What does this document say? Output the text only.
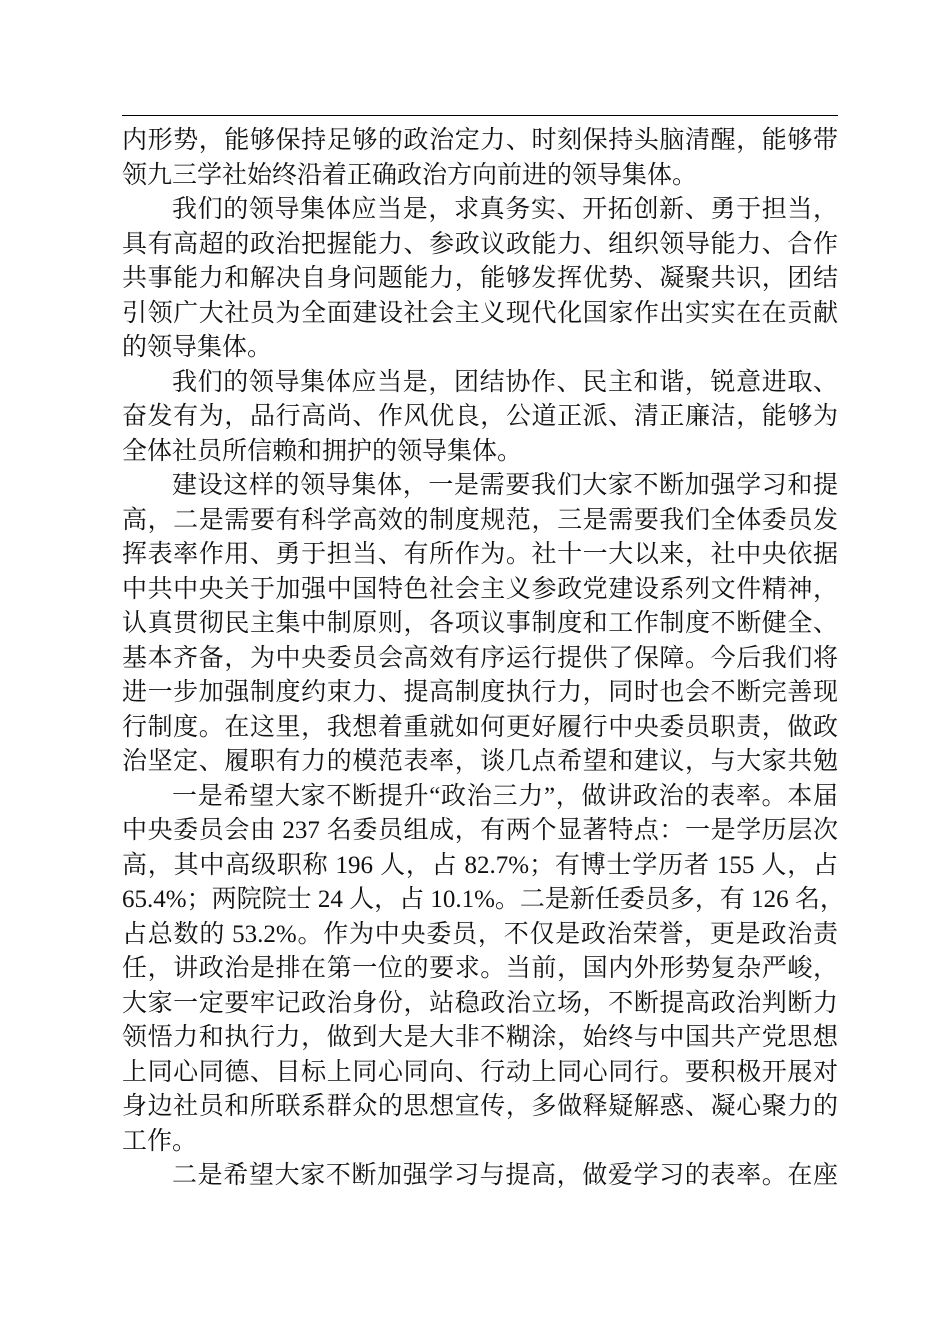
内形势，能够保持足够的政治定力、时刻保持头脑清醒，能够带
领九三学社始终沿着正确政治方向前进的领导集体。
我们的领导集体应当是，求真务实、开拓创新、勇于担当，
具有高超的政治把握能力、参政议政能力、组织领导能力、合作
共事能力和解决自身问题能力，能够发挥优势、凝聚共识，团结
引领广大社员为全面建设社会主义现代化国家作出实实在在贡献
的领导集体。
我们的领导集体应当是，团结协作、民主和谐，锐意进取、
奋发有为，品行高尚、作风优良，公道正派、清正廉洁，能够为
全体社员所信赖和拥护的领导集体。
建设这样的领导集体，一是需要我们大家不断加强学习和提
高，二是需要有科学高效的制度规范，三是需要我们全体委员发
挥表率作用、勇于担当、有所作为。社十一大以来，社中央依据
中共中央关于加强中国特色社会主义参政党建设系列文件精神，
认真贯彻民主集中制原则，各项议事制度和工作制度不断健全、
基本齐备，为中央委员会高效有序运行提供了保障。今后我们将
进一步加强制度约束力、提高制度执行力，同时也会不断完善现
行制度。在这里，我想着重就如何更好履行中央委员职责，做政
治坚定、履职有力的模范表率，谈几点希望和建议，与大家共勉
一是希望大家不断提升“政治三力”，做讲政治的表率。本届
中央委员会由 237 名委员组成，有两个显著特点：一是学历层次
高，其中高级职称 196 人，占 82.7%；有博士学历者 155 人，占
65.4%；两院院士 24 人，占 10.1%。二是新任委员多，有 126 名，
占总数的 53.2%。作为中央委员，不仅是政治荣誉，更是政治责
任，讲政治是排在第一位的要求。当前，国内外形势复杂严峻，
大家一定要牢记政治身份，站稳政治立场，不断提高政治判断力
领悟力和执行力，做到大是大非不糊涂，始终与中国共产党思想
上同心同德、目标上同心同向、行动上同心同行。要积极开展对
身边社员和所联系群众的思想宣传，多做释疑解惑、凝心聚力的
工作。
二是希望大家不断加强学习与提高，做爱学习的表率。在座
